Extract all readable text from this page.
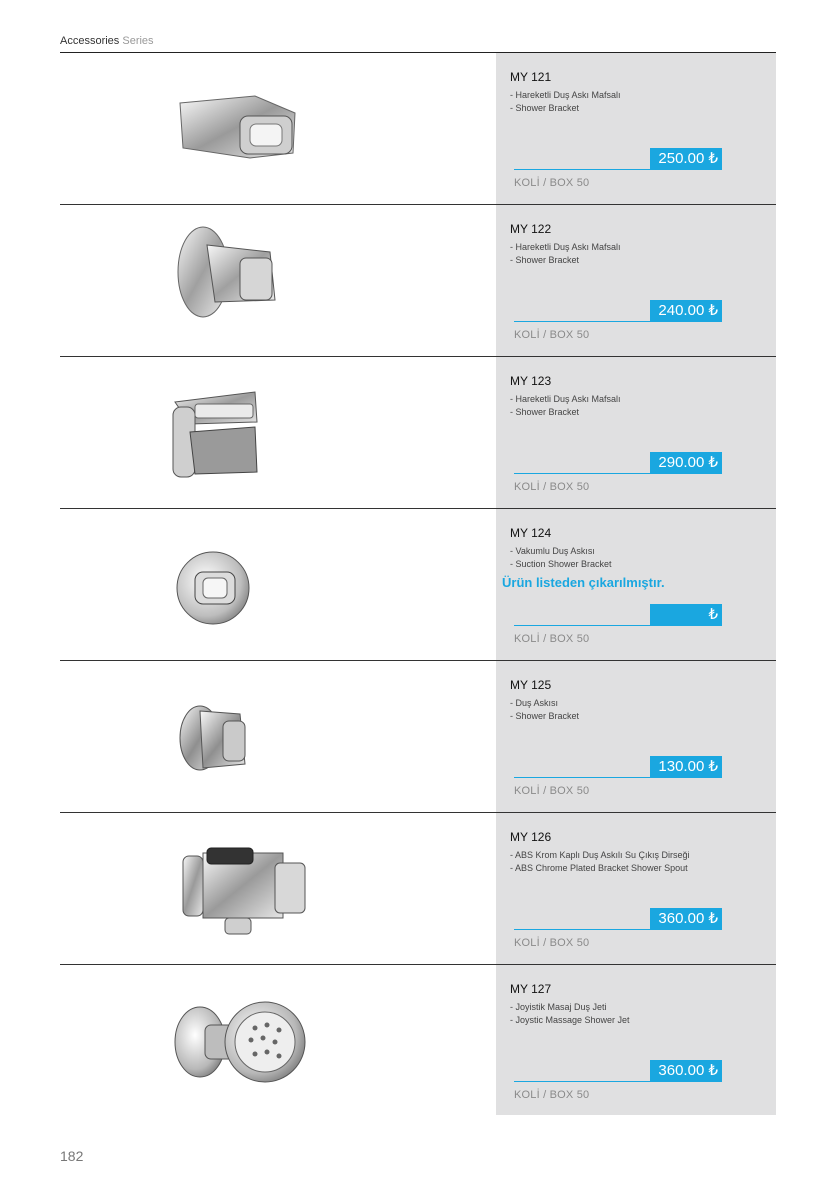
Accessories Series
MY 121
- Hareketli Duş Askı Mafsalı
- Shower Bracket
250.00 ₺
KOLİ / BOX 50
MY 122
- Hareketli Duş Askı Mafsalı
- Shower Bracket
240.00 ₺
KOLİ / BOX 50
MY 123
- Hareketli Duş Askı Mafsalı
- Shower Bracket
290.00 ₺
KOLİ / BOX 50
MY 124
- Vakumlu Duş Askısı
- Suction Shower Bracket
Ürün listeden çıkarılmıştır.
₺
KOLİ / BOX 50
MY 125
- Duş Askısı
- Shower Bracket
130.00 ₺
KOLİ / BOX 50
MY 126
- ABS Krom Kaplı Duş Askılı Su Çıkış Dirseği
- ABS Chrome Plated Bracket Shower Spout
360.00 ₺
KOLİ / BOX 50
MY 127
- Joyistik Masaj Duş Jeti
- Joystic Massage Shower Jet
360.00 ₺
KOLİ / BOX 50
182
